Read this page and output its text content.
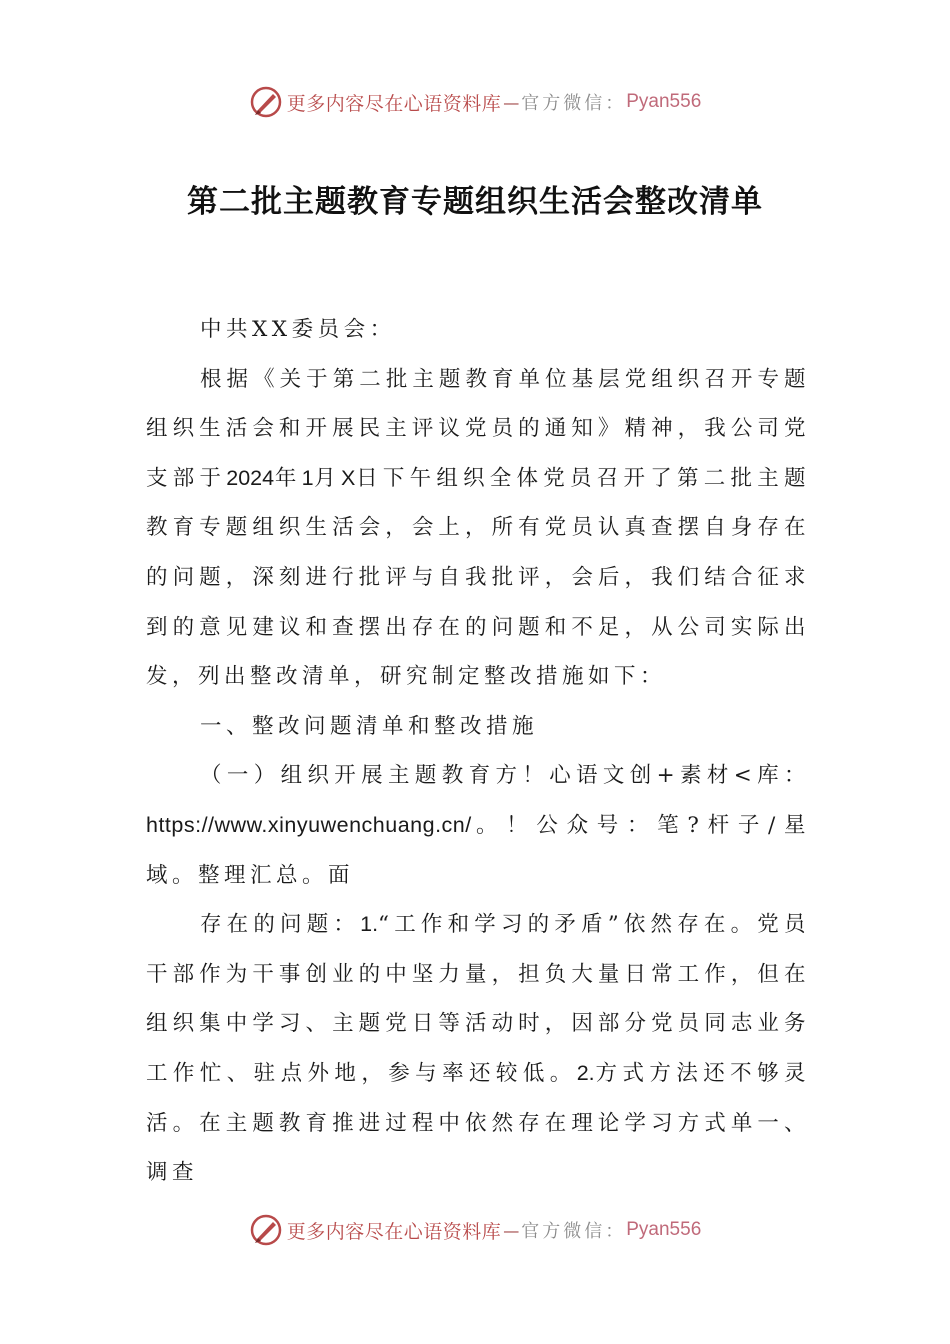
更多内容尽在心语资料库 — 官方微信： Pyan556
第二批主题教育专题组织生活会整改清单

中共XX委员会：

根据《关于第二批主题教育单位基层党组织召开专题组织生活会和开展民主评议党员的通知》精神，我公司党支部于2024年1月X日下午组织全体党员召开了第二批主题教育专题组织生活会，会上，所有党员认真查摆自身存在的问题，深刻进行批评与自我批评，会后，我们结合征求到的意见建议和查摆出存在的问题和不足，从公司实际出发，列出整改清单，研究制定整改措施如下：

一、整改问题清单和整改措施

（一）组织开展主题教育方！心语文创+素材<库：https://www.xinyuwenchuang.cn/。！公众号：笔?杆子/星域。整理汇总。面

存在的问题：1.“工作和学习的矛盾”依然存在。党员干部作为干事创业的中坚力量，担负大量日常工作，但在组织集中学习、主题党日等活动时，因部分党员同志业务工作忙、驻点外地，参与率还较低。2.方式方法还不够灵活。在主题教育推进过程中依然存在理论学习方式单一、调查

更多内容尽在心语资料库 — 官方微信： Pyan556
